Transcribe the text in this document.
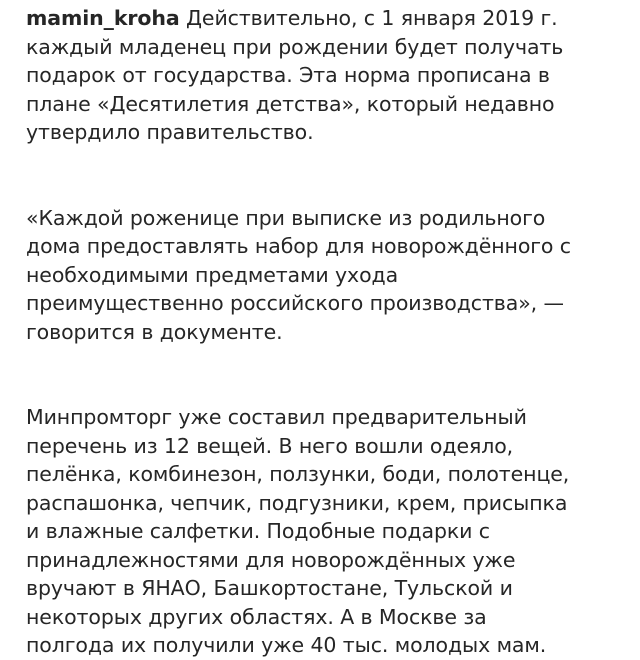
mamin_kroha Действительно, с 1 января 2019 г.
каждый младенец при рождении будет получать
подарок от государства. Эта норма прописана в
плане «Десятилетия детства», который недавно
утвердило правительство.
«Каждой роженице при выписке из родильного
дома предоставлять набор для новорождённого с
необходимыми предметами ухода
преимущественно российского производства», —
говорится в документе.
Минпромторг уже составил предварительный
перечень из 12 вещей. В него вошли одеяло,
пелёнка, комбинезон, ползунки, боди, полотенце,
распашонка, чепчик, подгузники, крем, присыпка
и влажные салфетки. Подобные подарки с
принадлежностями для новорождённых уже
вручают в ЯНАО, Башкортостане, Тульской и
некоторых других областях. А в Москве за
полгода их получили уже 40 тыс. молодых мам.
